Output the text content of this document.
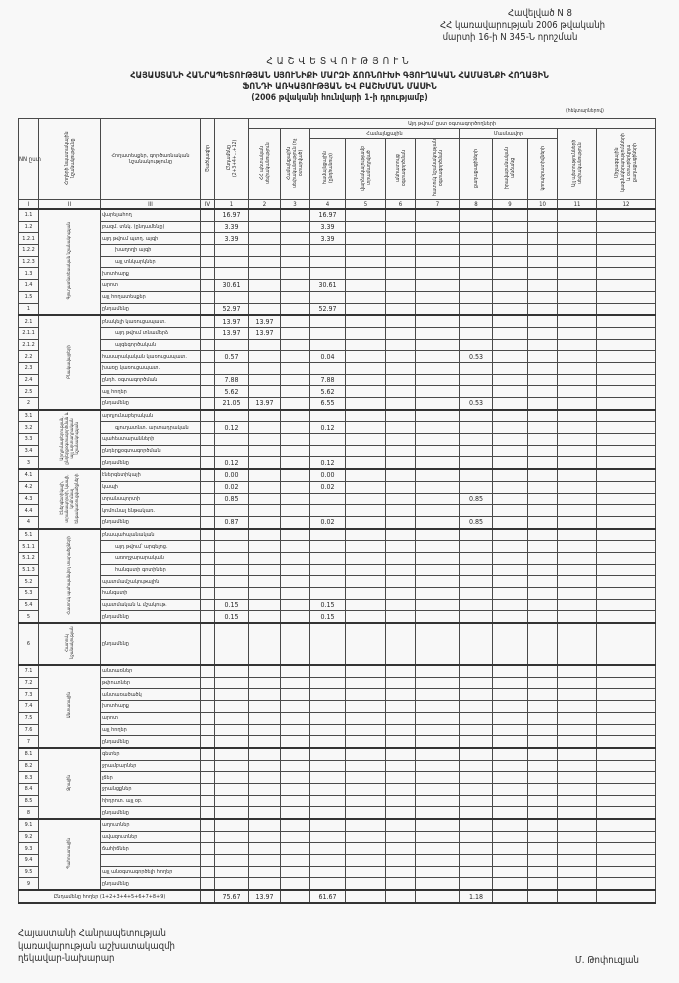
Հավելված N 8
ՀՀ կառավարության 2006 թվականի
մարտի 16-ի N 345-Ն որոշման
ՀԱՇՎԵՏՎՈՒԹՅՈՒՆ
ՀԱՅԱՍՏԱՆԻ ՀԱՆՐԱՊԵՏՈՒԹՅԱՆ ՍՅՈՒՆԻՔԻ ՄԱՐԶԻ ՃՈՌՆՈՒԽԻ ԳՅՈՒՂԱԿԱՆ ՀԱՄԱՅՆՔԻ ՀՈՂԱՅԻՆ
ՖՈՆԴԻ ԱՌԿԱՅՈՒԹՅԱՆ ԵՎ ԲԱՇԽՄԱՆ ՄԱՍԻՆ
(2006 թվականի հունվարի 1-ի դրությամբ)
(հեկտարներով)
NN ըստ	Հողերի նպատակային նշանակությունը	Հողատեսքեր, գործառնական նշանակությունը	Ծածկագիր	Ընդամենը (2+3+4+...+12)	Այդ թվում՝ ըստ օգտագործողների										
					ՀՀ պետական սեփականություն	Համայնքային սեփականություն (ոչ օտարված)	Համայնքային				Մասնավոր			Այլ պետությունների սեփականություն	Միջազգային կազմակերպությունների և օտարերկրյա քաղաքացիների
							համայնքային (ընդհանուր)	վարձակալությամբ տրամադրված	անհատույց օգտագործման	հատուկ նշանակության օգտագործման	քաղաքացիների	իրավաբանական անձանց	կոոպերատիվների		
I	II	III	IV	1	2	3	4	5	6	7	8	9	10	11	12
1.1	Գյուղատնտեսական նշանակության	վարելահող		16.97			16.97								
1.2		բազմ. տնկ. (ընդամենը)		3.39			3.39								
1.2.1		այդ թվում պտղ. այգի		3.39			3.39								
1.2.2		խաղողի այգի													
1.2.3		այլ տնկարկներ													
1.3		խոտհարք													
1.4		արոտ		30.61			30.61								
1.5		այլ հողատեսքեր													
1		ընդամենը		52.97			52.97								
2.1	Բնակավայրերի	բնակելի կառուցապատ.		13.97	13.97										
2.1.1		այդ թվում տնամերձ		13.97	13.97										
2.1.2		այգեգործական													
2.2		հասարակական կառուցապատ.		0.57			0.04				0.53				
2.3		խառը կառուցապատ.													
2.4		ընդհ. օգտագործման		7.88			7.88								
2.5		այլ հողեր		5.62			5.62								
2		ընդամենը		21.05	13.97		6.55				0.53				
3.1	Արդյունաբերության, ընդերքօգտագործման և այլ արտադրական նշանակության	արդյունաբերական													
3.2		գյուղատնտ. արտադրական		0.12			0.12								
3.3		պահեստարանների													
3.4		ընդերքօգտագործման													
3		ընդամենը		0.12			0.12								
4.1	Էներգետիկայի, տրանսպորտի, կապի, կոմունալ ենթակառուցվածքների	էներգետիկայի		0.00			0.00								
4.2		կապի		0.02			0.02								
4.3		տրանսպորտի		0.85							0.85				
4.4		կոմունալ ենթակառ.													
4		ընդամենը		0.87			0.02				0.85				
5.1	Հատուկ պահպանվող տարածքների	բնապահպանական													
5.1.1		այդ թվում՝ արգելոց.													
5.1.2		առողջարարական													
5.1.3		հանգստի գոտիներ													
5.2		պատմամշակութային													
5.3		հանգստի													
5.4		պատմական և մշակութ.		0.15			0.15								
5		ընդամենը		0.15			0.15								
6	Հատուկ նշանակության	ընդամենը													
7.1	Անտառային	անտառներ													
7.2		թփուտներ													
7.3		անտառածածկ													
7.4		խոտհարք													
7.5		արոտ													
7.6		այլ հողեր													
7		ընդամենը													
8.1	Ջրային	գետեր													
8.2		ջրամբարներ													
8.3		լճեր													
8.4		ջրանցքներ													
8.5		հիդրոտ. այլ օբ.													
8		ընդամենը													
9.1	Պահուստային	աղուտներ													
9.2		ավազուտներ													
9.3		ճահիճներ													
9.4															
9.5		այլ անօգտագործելի հողեր													
9		ընդամենը													
Ընդամենը հողեր (1+2+3+4+5+6+7+8+9)				75.67	13.97		61.67				1.18				
Հայաստանի Հանրապետության
կառավարության աշխատակազմի
ղեկավար-նախարար	Մ. Թոփուզյան
